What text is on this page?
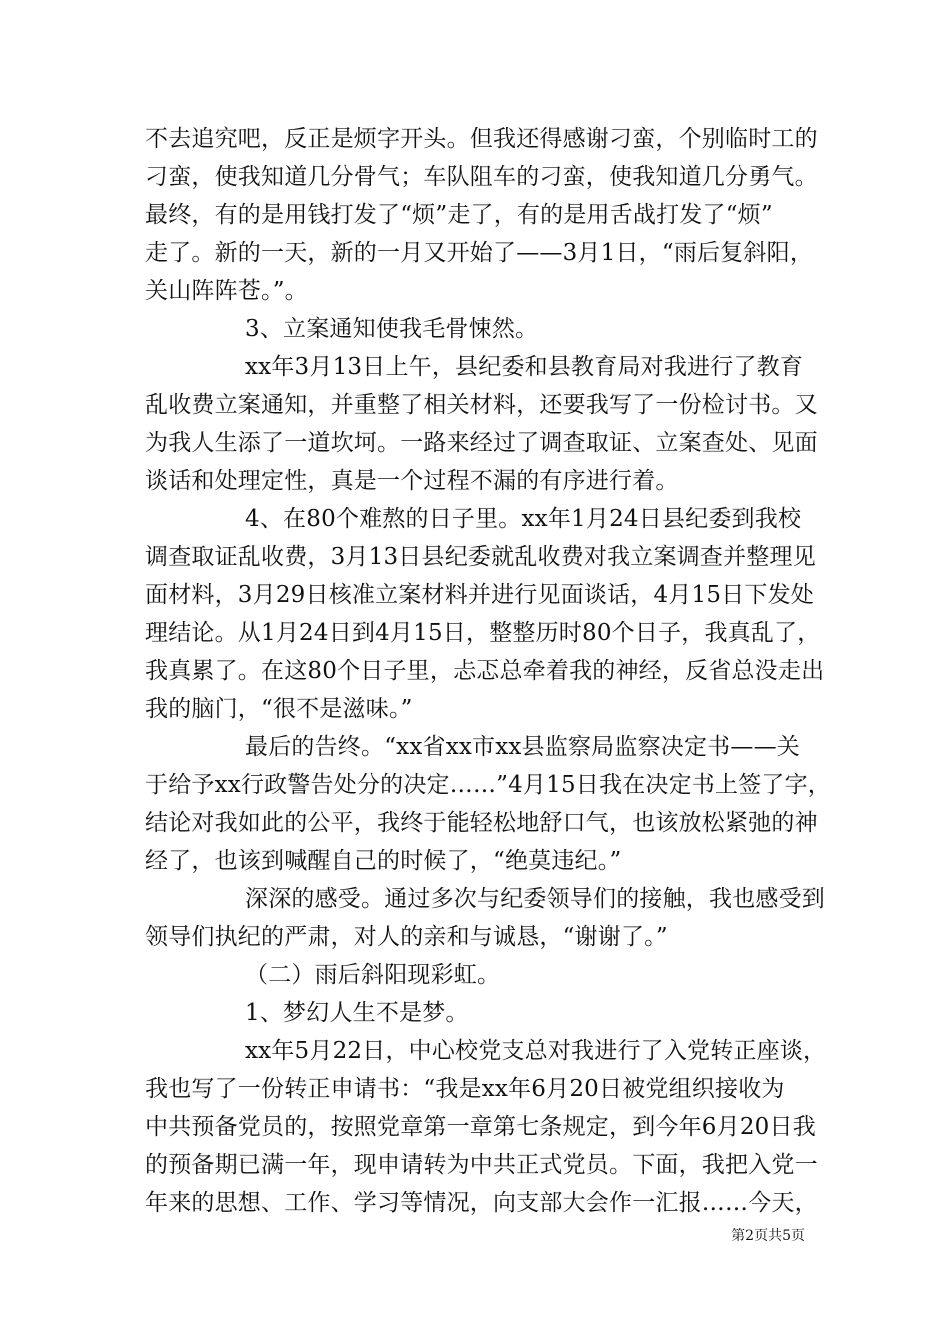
不去追究吧，反正是烦字开头。但我还得感谢刁蛮，个别临时工的
刁蛮，使我知道几分骨气；车队阻车的刁蛮，使我知道几分勇气。
最终，有的是用钱打发了“烦”走了，有的是用舌战打发了“烦”
走了。新的一天，新的一月又开始了——3月1日，“雨后复斜阳，
关山阵阵苍。”。
3、立案通知使我毛骨悚然。
xx年3月13日上午，县纪委和县教育局对我进行了教育
乱收费立案通知，并重整了相关材料，还要我写了一份检讨书。又
为我人生添了一道坎坷。一路来经过了调查取证、立案查处、见面
谈话和处理定性，真是一个过程不漏的有序进行着。
4、在80个难熬的日子里。xx年1月24日县纪委到我校
调查取证乱收费，3月13日县纪委就乱收费对我立案调查并整理见
面材料，3月29日核准立案材料并进行见面谈话，4月15日下发处
理结论。从1月24日到4月15日，整整历时80个日子，我真乱了，
我真累了。在这80个日子里，忐忑总牵着我的神经，反省总没走出
我的脑门，“很不是滋味。”
最后的告终。“xx省xx市xx县监察局监察决定书——关
于给予xx行政警告处分的决定……”4月15日我在决定书上签了字，
结论对我如此的公平，我终于能轻松地舒口气，也该放松紧弛的神
经了，也该到喊醒自己的时候了，“绝莫违纪。”
深深的感受。通过多次与纪委领导们的接触，我也感受到
领导们执纪的严肃，对人的亲和与诚恳，“谢谢了。”
（二）雨后斜阳现彩虹。
1、梦幻人生不是梦。
xx年5月22日，中心校党支总对我进行了入党转正座谈，
我也写了一份转正申请书：“我是xx年6月20日被党组织接收为
中共预备党员的，按照党章第一章第七条规定，到今年6月20日我
的预备期已满一年，现申请转为中共正式党员。下面，我把入党一
年来的思想、工作、学习等情况，向支部大会作一汇报……今天，
第2页共5页
